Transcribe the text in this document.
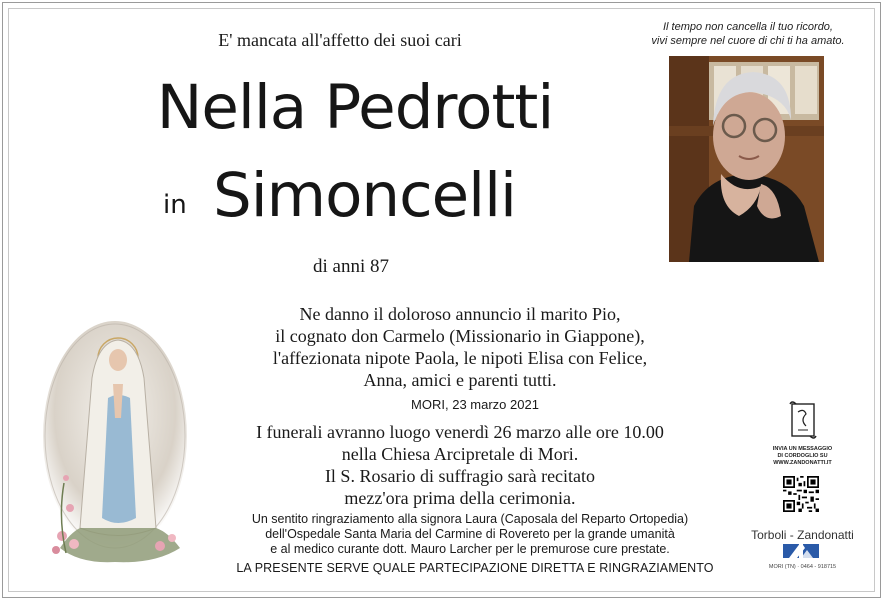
E' mancata all'affetto dei suoi cari
Il tempo non cancella il tuo ricordo,
vivi sempre nel cuore di chi ti ha amato.
Nella Pedrotti
in Simoncelli
di anni 87
Ne danno il doloroso annuncio il marito Pio,
il cognato don Carmelo (Missionario in Giappone),
l'affezionata nipote Paola, le nipoti Elisa con Felice,
Anna, amici e parenti tutti.
MORI, 23 marzo 2021
I funerali avranno luogo venerdì 26 marzo alle ore 10.00
nella Chiesa Arcipretale di Mori.
Il S. Rosario di suffragio sarà recitato
mezz'ora prima della cerimonia.
Un sentito ringraziamento alla signora Laura (Caposala del Reparto Ortopedia)
dell'Ospedale Santa Maria del Carmine di Rovereto per la grande umanità
e al medico curante dott. Mauro Larcher per le premurose cure prestate.
LA PRESENTE SERVE QUALE PARTECIPAZIONE DIRETTA E RINGRAZIAMENTO
INVIA UN MESSAGGIO
DI CORDOGLIO SU
WWW.ZANDONATTI.IT
Torboli - Zandonatti
MORI (TN) · 0464 - 918715
